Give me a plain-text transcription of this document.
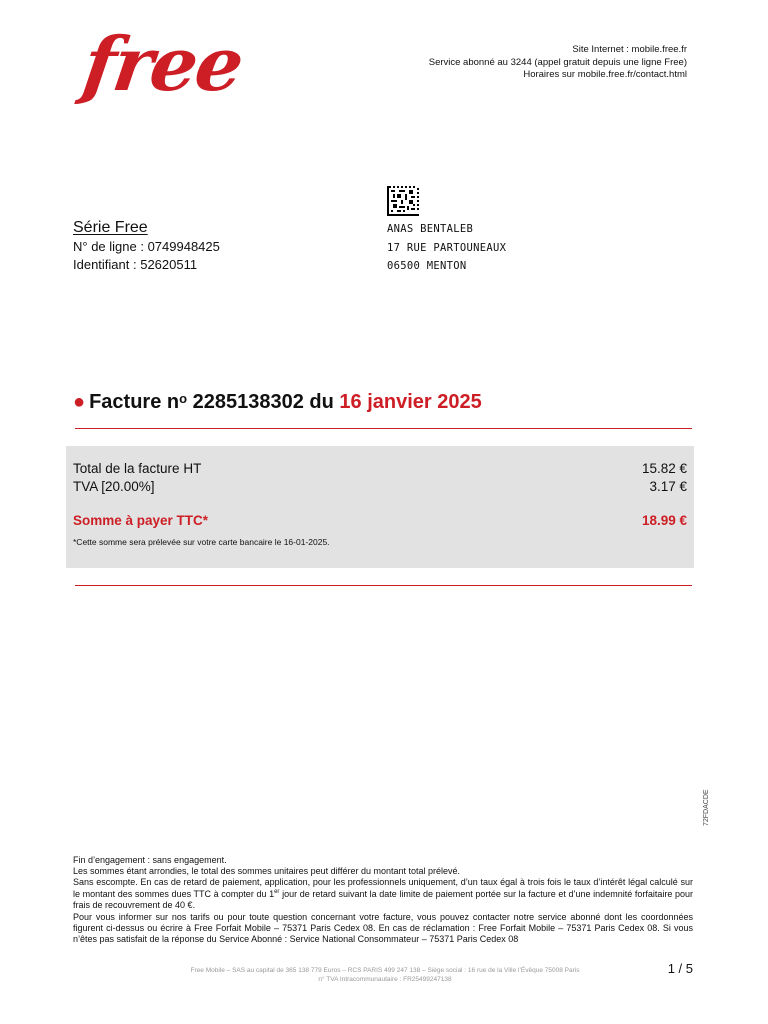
free	Site Internet : mobile.free.fr
Service abonné au 3244 (appel gratuit depuis une ligne Free)
Horaires sur mobile.free.fr/contact.html
Série Free
N° de ligne : 0749948425
Identifiant : 52620511
ANAS BENTALEB
17 RUE PARTOUNEAUX
06500 MENTON
● Facture $n^o$ 2285138302 du 16 janvier 2025
Total de la facture HT	15.82 €
TVA [20.00%]	3.17 €
Somme à payer TTC*	18.99 €
*Cette somme sera prélevée sur votre carte bancaire le 16-01-2025.
72FDACDE

Fin d’engagement : sans engagement.

Les sommes étant arrondies, le total des sommes unitaires peut différer du montant total prélevé.

Sans escompte. En cas de retard de paiement, application, pour les professionnels uniquement, d’un taux égal à trois fois le taux d’intérêt légal calculé sur le montant des sommes dues TTC à compter du 1er jour de retard suivant la date limite de paiement portée sur la facture et d’une indemnité forfaitaire pour frais de recouvrement de 40 €.

Pour vous informer sur nos tarifs ou pour toute question concernant votre facture, vous pouvez contacter notre service abonné dont les coordonnées figurent ci-dessus ou écrire à Free Forfait Mobile – 75371 Paris Cedex 08. En cas de réclamation : Free Forfait Mobile – 75371 Paris Cedex 08. Si vous n’êtes pas satisfait de la réponse du Service Abonné : Service National Consommateur – 75371 Paris Cedex 08
Free Mobile – SAS au capital de 365 138 779 Euros – RCS PARIS 499 247 138 – Siège social : 16 rue de la Ville l’Évêque 75008 Paris
n° TVA Intracommunautaire : FR25499247138
1 / 5
